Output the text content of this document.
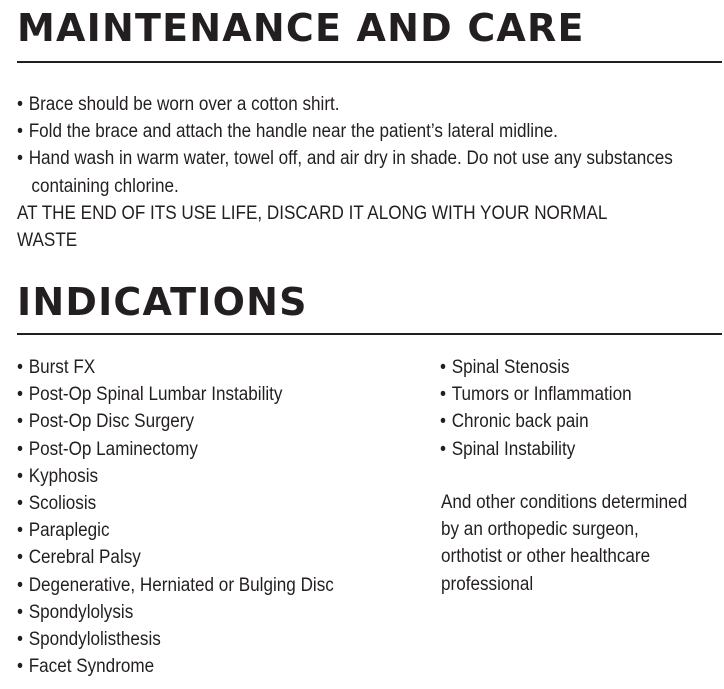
MAINTENANCE AND CARE
• Brace should be worn over a cotton shirt.
• Fold the brace and attach the handle near the patient’s lateral midline.
• Hand wash in warm water, towel off, and air dry in shade. Do not use any substances
containing chlorine.
AT THE END OF ITS USE LIFE, DISCARD IT ALONG WITH YOUR NORMAL
WASTE
INDICATIONS
• Burst FX
• Post-Op Spinal Lumbar Instability
• Post-Op Disc Surgery
• Post-Op Laminectomy
• Kyphosis
• Scoliosis
• Paraplegic
• Cerebral Palsy
• Degenerative, Herniated or Bulging Disc
• Spondylolysis
• Spondylolisthesis
• Facet Syndrome
• Spinal Stenosis
• Tumors or Inflammation
• Chronic back pain
• Spinal Instability
And other conditions determined
by an orthopedic surgeon,
orthotist or other healthcare
professional
